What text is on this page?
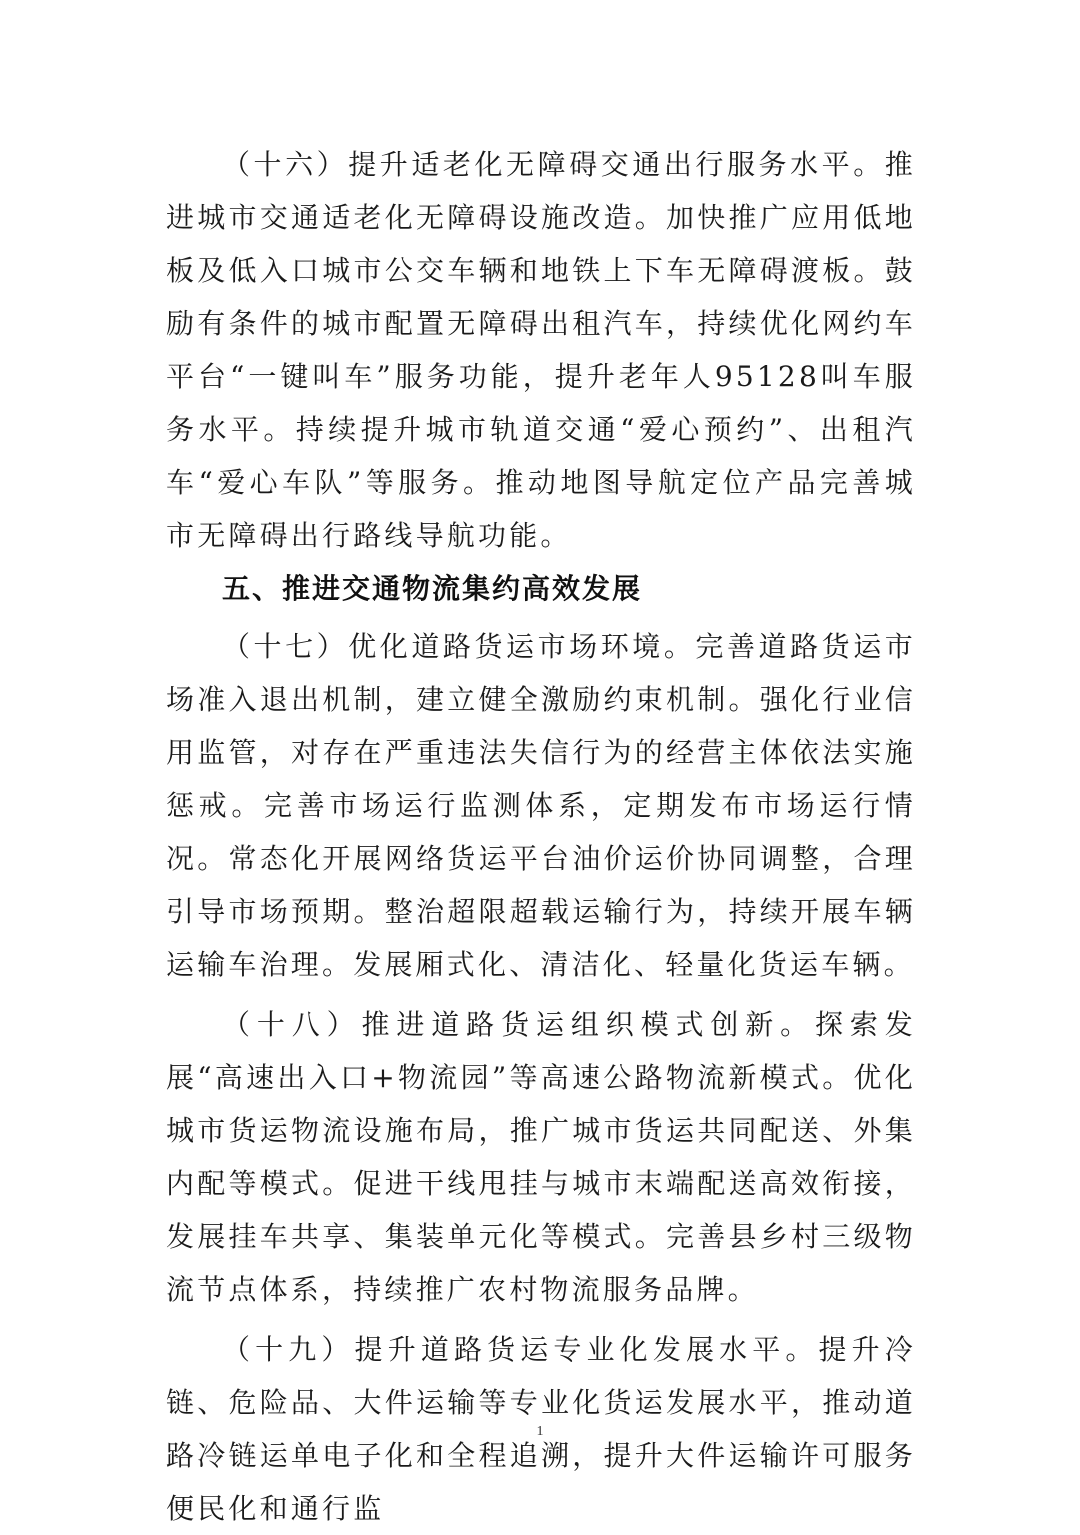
（十六）提升适老化无障碍交通出行服务水平。推进城市交通适老化无障碍设施改造。加快推广应用低地板及低入口城市公交车辆和地铁上下车无障碍渡板。鼓励有条件的城市配置无障碍出租汽车，持续优化网约车平台“一键叫车”服务功能，提升老年人95128叫车服务水平。持续提升城市轨道交通“爱心预约”、出租汽车“爱心车队”等服务。推动地图导航定位产品完善城市无障碍出行路线导航功能。

五、推进交通物流集约高效发展

（十七）优化道路货运市场环境。完善道路货运市场准入退出机制，建立健全激励约束机制。强化行业信用监管，对存在严重违法失信行为的经营主体依法实施惩戒。完善市场运行监测体系，定期发布市场运行情况。常态化开展网络货运平台油价运价协同调整，合理引导市场预期。整治超限超载运输行为，持续开展车辆运输车治理。发展厢式化、清洁化、轻量化货运车辆。

（十八）推进道路货运组织模式创新。探索发展“高速出入口+物流园”等高速公路物流新模式。优化城市货运物流设施布局，推广城市货运共同配送、外集内配等模式。促进干线甩挂与城市末端配送高效衔接，发展挂车共享、集装单元化等模式。完善县乡村三级物流节点体系，持续推广农村物流服务品牌。

（十九）提升道路货运专业化发展水平。提升冷链、危险品、大件运输等专业化货运发展水平，推动道路冷链运单电子化和全程追溯，提升大件运输许可服务便民化和通行监

1
